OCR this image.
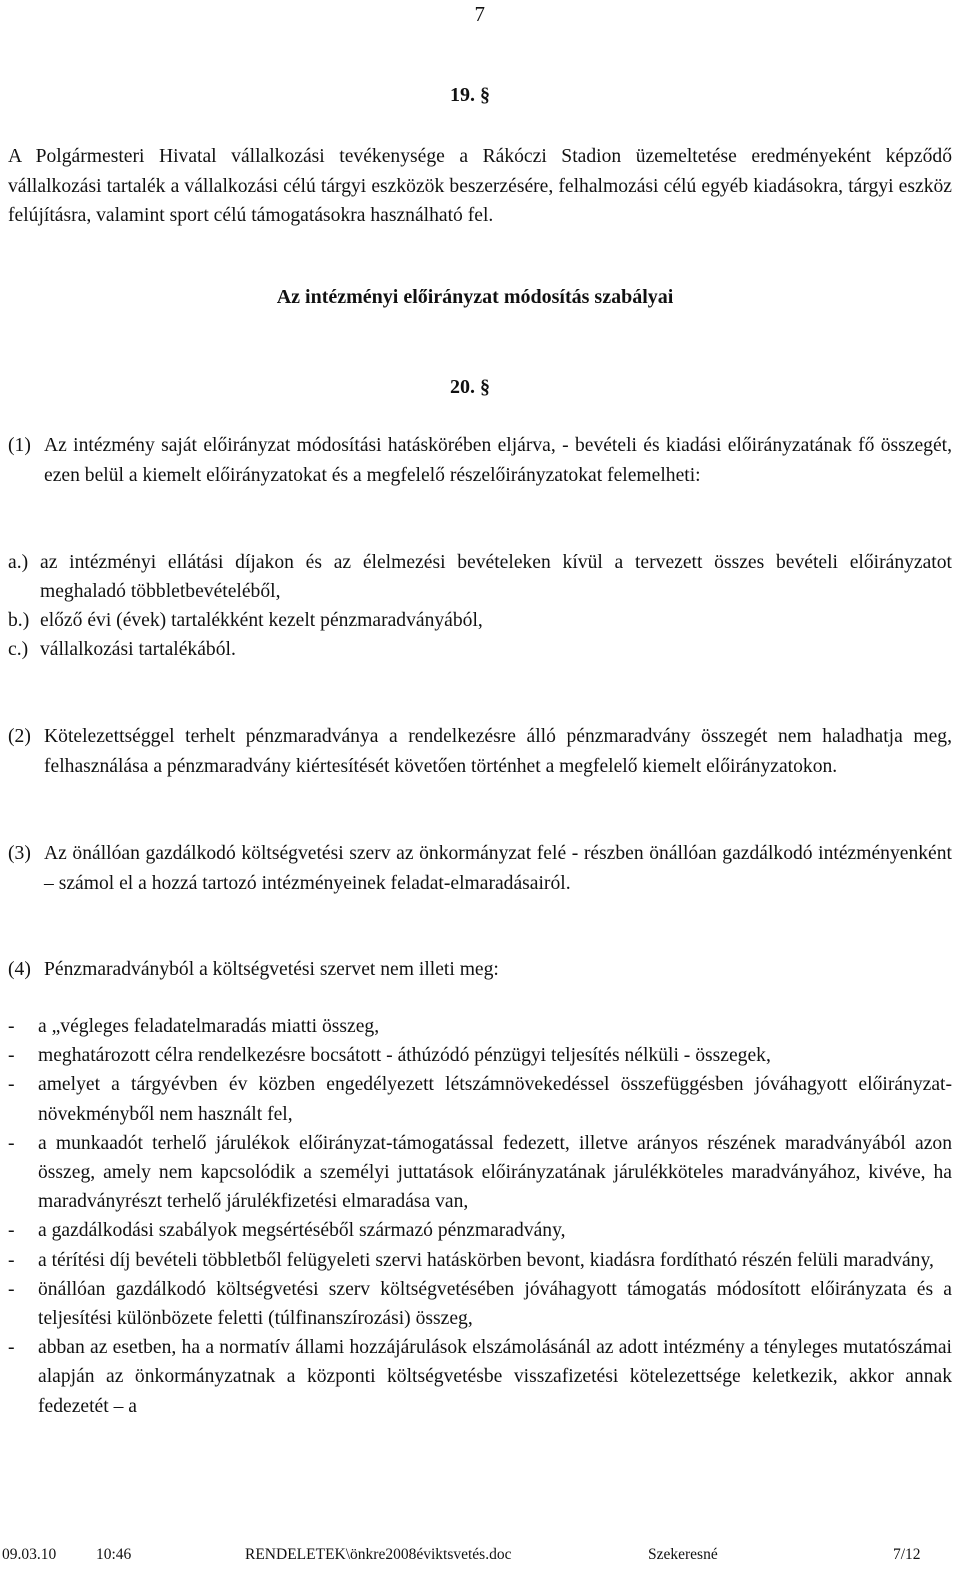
7
19. §

A Polgármesteri Hivatal vállalkozási tevékenysége a Rákóczi Stadion üzemeltetése eredményeként képződő vállalkozási tartalék a vállalkozási célú tárgyi eszközök beszerzésére, felhalmozási célú egyéb kiadásokra, tárgyi eszköz felújításra, valamint sport célú támogatásokra használható fel.

Az intézményi előirányzat módosítás szabályai
20. §
(1) Az intézmény saját előirányzat módosítási hatáskörében eljárva, - bevételi és kiadási előirányzatának fő összegét, ezen belül a kiemelt előirányzatokat és a megfelelő részelőirányzatokat felemelheti:
a.) az intézményi ellátási díjakon és az élelmezési bevételeken kívül a tervezett összes bevételi előirányzatot meghaladó többletbevételéből,
b.) előző évi (évek) tartalékként kezelt pénzmaradványából,
c.) vállalkozási tartalékából.
(2) Kötelezettséggel terhelt pénzmaradványa a rendelkezésre álló pénzmaradvány összegét nem haladhatja meg, felhasználása a pénzmaradvány kiértesítését követően történhet a megfelelő kiemelt előirányzatokon.
(3) Az önállóan gazdálkodó költségvetési szerv az önkormányzat felé - részben önállóan gazdálkodó intézményenként – számol el a hozzá tartozó intézményeinek feladat-elmaradásairól.
(4) Pénzmaradványból a költségvetési szervet nem illeti meg:
- a „végleges feladatelmaradás miatti összeg,
- meghatározott célra rendelkezésre bocsátott - áthúzódó pénzügyi teljesítés nélküli - összegek,
- amelyet a tárgyévben év közben engedélyezett létszámnövekedéssel összefüggésben jóváhagyott előirányzat- növekményből nem használt fel,
- a munkaadót terhelő járulékok előirányzat-támogatással fedezett, illetve arányos részének maradványából azon összeg, amely nem kapcsolódik a személyi juttatások előirányzatának járulékköteles maradványához, kivéve, ha maradványrészt terhelő járulékfizetési elmaradása van,
- a gazdálkodási szabályok megsértéséből származó pénzmaradvány,
- a térítési díj bevételi többletből felügyeleti szervi hatáskörben bevont, kiadásra fordítható részén felüli maradvány,
- önállóan gazdálkodó költségvetési szerv költségvetésében jóváhagyott támogatás módosított előirányzata és a teljesítési különbözete feletti (túlfinanszírozási) összeg,
- abban az esetben, ha a normatív állami hozzájárulások elszámolásánál az adott intézmény a tényleges mutatószámai alapján az önkormányzatnak a központi költségvetésbe visszafizetési kötelezettsége keletkezik, akkor annak fedezetét – a
09.03.10	10:46	RENDELETEK\önkre2008éviktsvetés.doc	Szekeresné	7/12
